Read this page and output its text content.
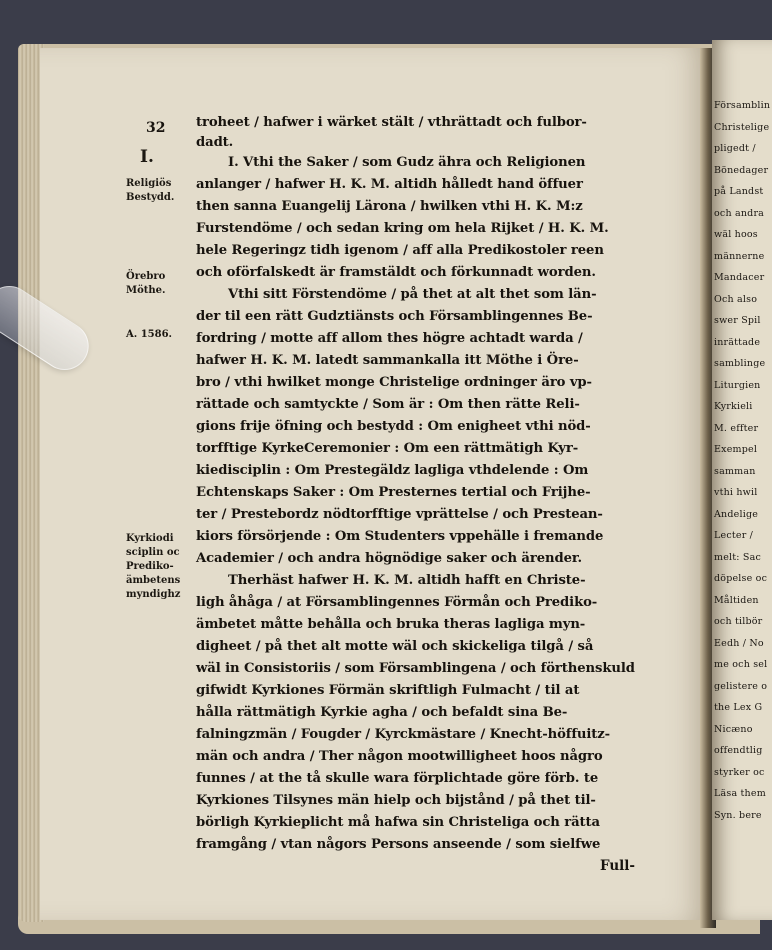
Församblin
Christelige
pligedt /
Bönedager
på Landst
och andra
wäl hoos
männerne
Mandacer
Och also
swer Spil
inrättade
samblinge
Liturgien
Kyrkieli
M. effter
Exempel
samman
vthi hwil
Andelige
Lecter /
melt: Sac
döpelse oc
Måltiden
och tilbör
Eedh / No
me och sel
gelistere o
the Lex G
Nicæno
offendtlig
styrker oc
Läsa them
Syn. bere
32
I.
Religiös
Bestydd.
Örebro
Möthe.
A. 1586.
Kyrkiodi
sciplin oc
Predikо-
ämbetens
myndighz
troheet / hafwer i wärket stält / vthrättadt och fulbor-
dadt.
I. Vthi the Saker / som Gudz ähra och Religionen
anlanger / hafwer H. K. M. altidh hålledt hand öffuer
then sanna Euangelij Lärona / hwilken vthi H. K. M:z
Furstendöme / och sedan kring om hela Rijket / H. K. M.
hele Regeringz tidh igenom / aff alla Predikostoler reen
och oförfalskedt är framstäldt och förkunnadt worden.
Vthi sitt Förstendöme / på thet at alt thet som län-
der til een rätt Gudztiänsts och Församblingennes Be-
fordring / motte aff allom thes högre achtadt warda /
hafwer H. K. M. latedt sammankalla itt Möthe i Öre-
bro / vthi hwilket monge Christelige ordninger äro vp-
rättade och samtyckte / Som är : Om then rätte Reli-
gions frije öfning och bestydd : Om enigheet vthi nöd-
torfftige KyrkeCeremonier : Om een rättmätigh Kyr-
kiedisciplin : Om Prestegäldz lagliga vthdelende : Om
Echtenskaps Saker : Om Presternes tertial och Frijhe-
ter / Prestebordz nödtorfftige vprättelse / och Prestean-
kiors försörjende : Om Studenters vppehälle i fremande
Academier / och andra högnödige saker och ärender.
Therhäst hafwer H. K. M. altidh hafft en Christe-
ligh åhåga / at Församblingennes Förmån och Prediko-
ämbetet måtte behålla och bruka theras lagliga myn-
digheet / på thet alt motte wäl och skickeliga tilgå / så
wäl in Consistoriis / som Församblingena / och förthenskuld
gifwidt Kyrkiones Förmän skriftligh Fulmacht / til at
hålla rättmätigh Kyrkie agha / och befaldt sina Be-
falningzmän / Fougder / Kyrckmästare / Knecht-höffuitz-
män och andra / Ther någon mootwilligheet hoos någro
funnes / at the tå skulle wara förplichtade göre förb. te
Kyrkiones Tilsynes män hielp och bijstånd / på thet til-
börligh Kyrkieplicht må hafwa sin Christeliga och rätta
framgång / vtan någors Persons anseende / som sielfwe
Full-
